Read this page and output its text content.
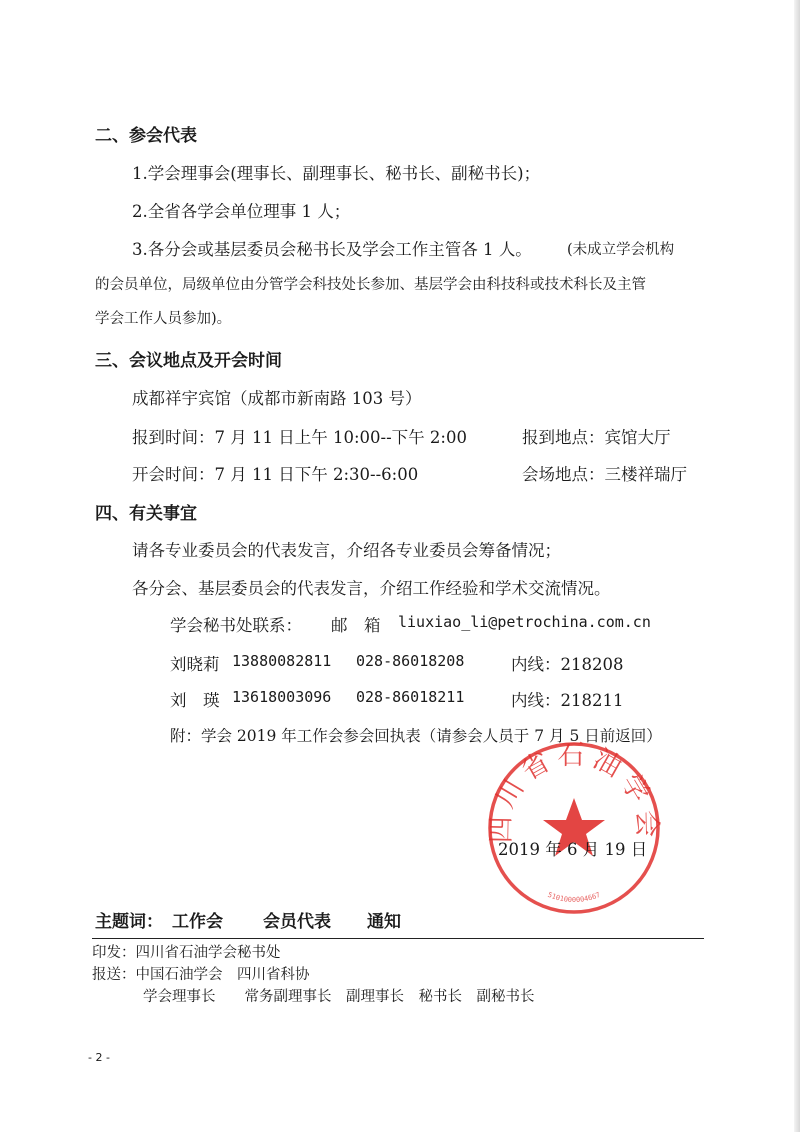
二、参会代表
1.学会理事会(理事长、副理事长、秘书长、副秘书长)；
2.全省各学会单位理事 1 人；
3.各分会或基层委员会秘书长及学会工作主管各 1 人。 (未成立学会机构
的会员单位，局级单位由分管学会科技处长参加、基层学会由科技科或技术科长及主管
学会工作人员参加)。
三、会议地点及开会时间
成都祥宇宾馆（成都市新南路 103 号）
报到时间：7 月 11 日上午 10:00--下午 2:00	报到地点：宾馆大厅
开会时间：7 月 11 日下午 2:30--6:00	会场地点：三楼祥瑞厅
四、有关事宜
请各专业委员会的代表发言，介绍各专业委员会筹备情况；
各分会、基层委员会的代表发言，介绍工作经验和学术交流情况。
学会秘书处联系： 邮　箱 liuxiao_li@petrochina.com.cn
刘晓莉 13880082811 028-86018208	内线：218208
刘　瑛 13618003096 028-86018211	内线：218211
附：学会 2019 年工作会参会回执表（请参会人员于 7 月 5 日前返回）
四川省石油学会
5101000004667
2019 年 6 月 19 日
主题词： 工作会 会员代表 通知
印发：四川省石油学会秘书处
报送：中国石油学会　四川省科协
学会理事长　　常务副理事长　副理事长　秘书长　副秘书长
- 2 -
